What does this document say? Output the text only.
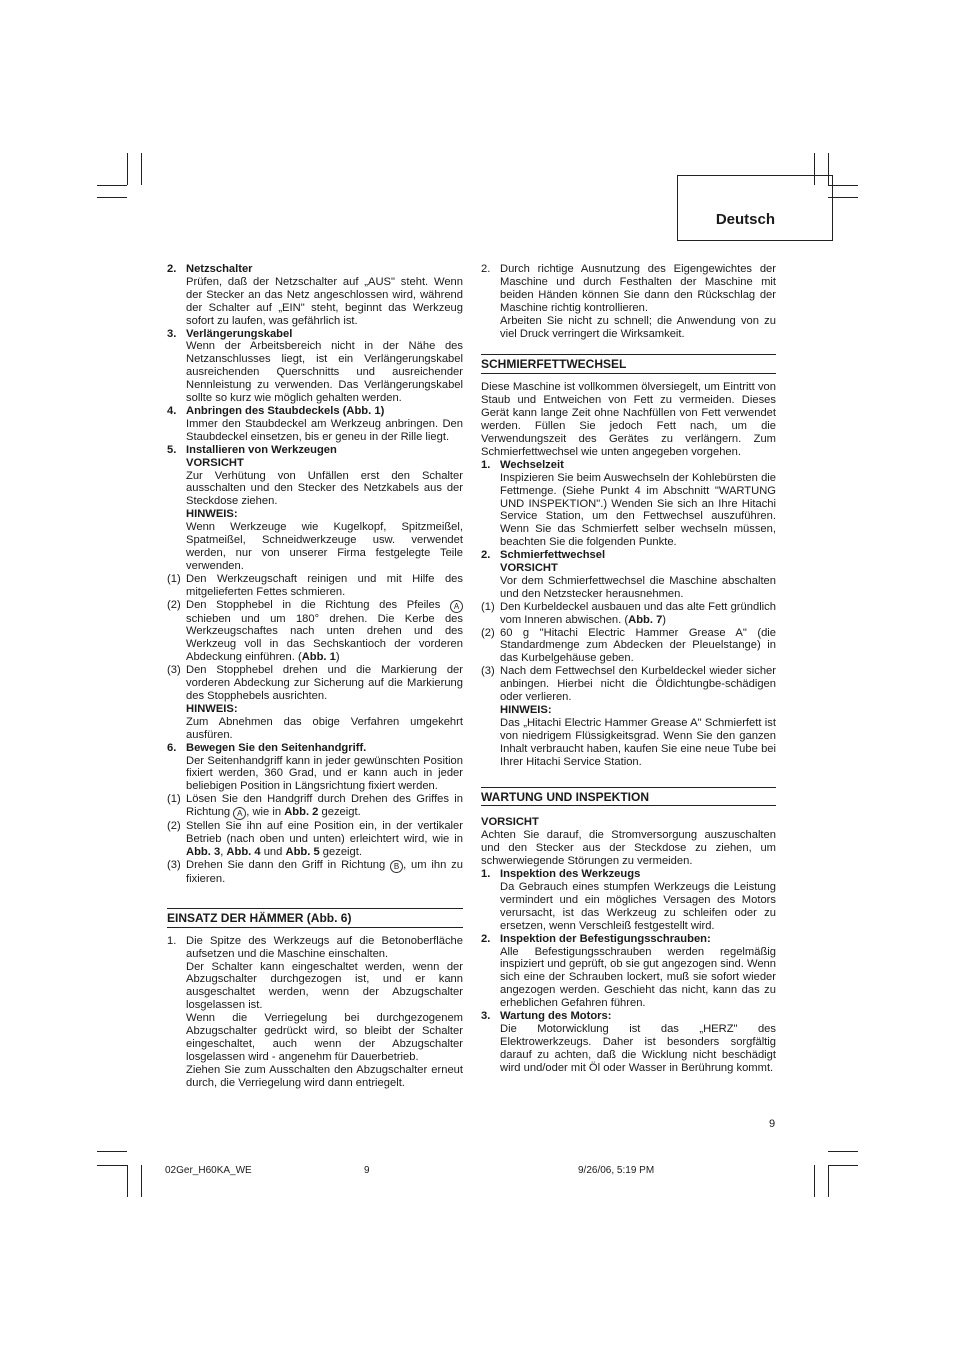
Deutsch
2. Netzschalter
Prüfen, daß der Netzschalter auf „AUS" steht. Wenn der Stecker an das Netz angeschlossen wird, während der Schalter auf „EIN" steht, beginnt das Werkzeug sofort zu laufen, was gefährlich ist.
3. Verlängerungskabel
Wenn der Arbeitsbereich nicht in der Nähe des Netzanschlusses liegt, ist ein Verlängerungskabel ausreichenden Querschnitts und ausreichender Nennleistung zu verwenden. Das Verlängerungskabel sollte so kurz wie möglich gehalten werden.
4. Anbringen des Staubdeckels (Abb. 1)
Immer den Staubdeckel am Werkzeug anbringen. Den Staubdeckel einsetzen, bis er geneu in der Rille liegt.
5. Installieren von Werkzeugen
VORSICHT
Zur Verhütung von Unfällen erst den Schalter ausschalten und den Stecker des Netzkabels aus der Steckdose ziehen.
HINWEIS:
Wenn Werkzeuge wie Kugelkopf, Spitzmeißel, Spatmeißel, Schneidwerkzeuge usw. verwendet werden, nur von unserer Firma festgelegte Teile verwenden.
(1) Den Werkzeugschaft reinigen und mit Hilfe des mitgelieferten Fettes schmieren.
(2) Den Stopphebel in die Richtung des Pfeiles A schieben und um 180° drehen. Die Kerbe des Werkzeugschaftes nach unten drehen und des Werkzeug voll in das Sechskantioch der vorderen Abdeckung einführen. (Abb. 1)
(3) Den Stopphebel drehen und die Markierung der vorderen Abdeckung zur Sicherung auf die Markierung des Stopphebels ausrichten.
HINWEIS:
Zum Abnehmen das obige Verfahren umgekehrt ausfüren.
6. Bewegen Sie den Seitenhandgriff.
Der Seitenhandgriff kann in jeder gewünschten Position fixiert werden, 360 Grad, und er kann auch in jeder beliebigen Position in Längsrichtung fixiert werden.
(1) Lösen Sie den Handgriff durch Drehen des Griffes in Richtung A , wie in Abb. 2 gezeigt.
(2) Stellen Sie ihn auf eine Position ein, in der vertikaler Betrieb (nach oben und unten) erleichtert wird, wie in Abb. 3, Abb. 4 und Abb. 5 gezeigt.
(3) Drehen Sie dann den Griff in Richtung B , um ihn zu fixieren.
EINSATZ DER HÄMMER (Abb. 6)
1. Die Spitze des Werkzeugs auf die Betonoberfläche aufsetzen und die Maschine einschalten.
Der Schalter kann eingeschaltet werden, wenn der Abzugschalter durchgezogen ist, und er kann ausgeschaltet werden, wenn der Abzugschalter losgelassen ist.
Wenn die Verriegelung bei durchgezogenem Abzugschalter gedrückt wird, so bleibt der Schalter eingeschaltet, auch wenn der Abzugschalter losgelassen wird - angenehm für Dauerbetrieb.
Ziehen Sie zum Ausschalten den Abzugschalter erneut durch, die Verriegelung wird dann entriegelt.
2. Durch richtige Ausnutzung des Eigengewichtes der Maschine und durch Festhalten der Maschine mit beiden Händen können Sie dann den Rückschlag der Maschine richtig kontrollieren.
Arbeiten Sie nicht zu schnell; die Anwendung von zu viel Druck verringert die Wirksamkeit.
SCHMIERFETTWECHSEL
Diese Maschine ist vollkommen ölversiegelt, um Eintritt von Staub und Entweichen von Fett zu vermeiden. Dieses Gerät kann lange Zeit ohne Nachfüllen von Fett verwendet werden. Füllen Sie jedoch Fett nach, um die Verwendungszeit des Gerätes zu verlängern. Zum Schmierfettwechsel wie unten angegeben vorgehen.
1. Wechselzeit
Inspizieren Sie beim Auswechseln der Kohlebürsten die Fettmenge. (Siehe Punkt 4 im Abschnitt "WARTUNG UND INSPEKTION".) Wenden Sie sich an Ihre Hitachi Service Station, um den Fettwechsel auszuführen. Wenn Sie das Schmierfett selber wechseln müssen, beachten Sie die folgenden Punkte.
2. Schmierfettwechsel
VORSICHT
Vor dem Schmierfettwechsel die Maschine abschalten und den Netzstecker herausnehmen.
(1) Den Kurbeldeckel ausbauen und das alte Fett gründlich vom Inneren abwischen. (Abb. 7)
(2) 60 g "Hitachi Electric Hammer Grease A" (die Standardmenge zum Abdecken der Pleuelstange) in das Kurbelgehäuse geben.
(3) Nach dem Fettwechsel den Kurbeldeckel wieder sicher anbingen. Hierbei nicht die Öldichtungbe-schädigen oder verlieren.
HINWEIS:
Das „Hitachi Electric Hammer Grease A" Schmierfett ist von niedrigem Flüssigkeitsgrad. Wenn Sie den ganzen Inhalt verbraucht haben, kaufen Sie eine neue Tube bei Ihrer Hitachi Service Station.
WARTUNG UND INSPEKTION
VORSICHT
Achten Sie darauf, die Stromversorgung auszuschalten und den Stecker aus der Steckdose zu ziehen, um schwerwiegende Störungen zu vermeiden.
1. Inspektion des Werkzeugs
Da Gebrauch eines stumpfen Werkzeugs die Leistung vermindert und ein mögliches Versagen des Motors verursacht, ist das Werkzeug zu schleifen oder zu ersetzen, wenn Verschleiß festgestellt wird.
2. Inspektion der Befestigungsschrauben:
Alle Befestigungsschrauben werden regelmäßig inspiziert und geprüft, ob sie gut angezogen sind. Wenn sich eine der Schrauben lockert, muß sie sofort wieder angezogen werden. Geschieht das nicht, kann das zu erheblichen Gefahren führen.
3. Wartung des Motors:
Die Motorwicklung ist das „HERZ" des Elektrowerkzeugs. Daher ist besonders sorgfältig darauf zu achten, daß die Wicklung nicht beschädigt wird und/oder mit Öl oder Wasser in Berührung kommt.
9
02Ger_H60KA_WE	9	9/26/06, 5:19 PM
